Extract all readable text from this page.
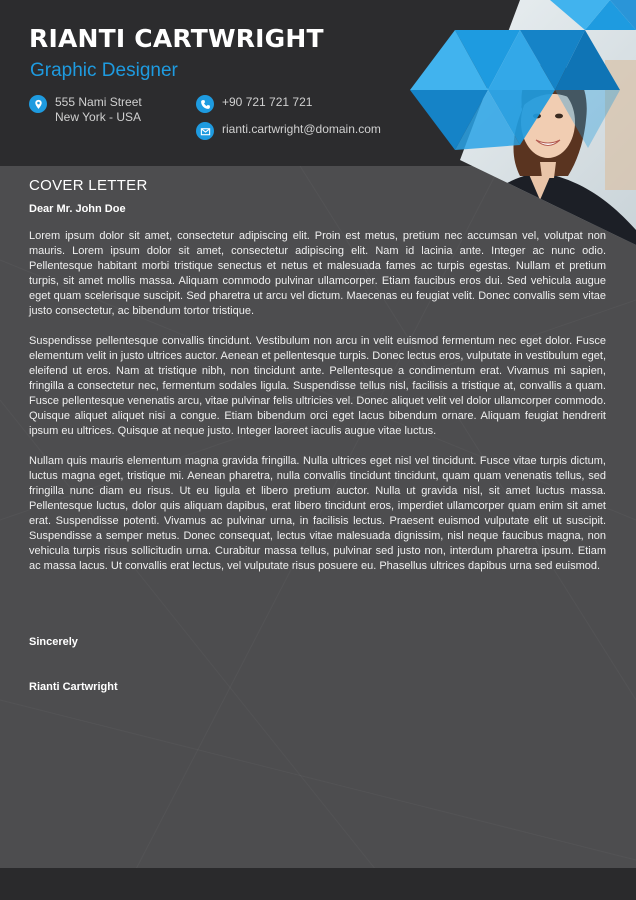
RIANTI CARTWRIGHT
Graphic Designer
555 Nami Street
New York - USA
+90 721 721 721
rianti.cartwright@domain.com
COVER LETTER

Dear Mr. John Doe

Lorem ipsum dolor sit amet, consectetur adipiscing elit. Proin est metus, pretium nec accumsan vel, volutpat non mauris. Lorem ipsum dolor sit amet, consectetur adipiscing elit. Nam id lacinia ante. Integer ac nunc odio. Pellentesque habitant morbi tristique senectus et netus et malesuada fames ac turpis egestas. Nullam et pretium turpis, sit amet mollis massa. Aliquam commodo pulvinar ullamcorper. Etiam faucibus eros dui. Sed vehicula augue eget quam scelerisque suscipit. Sed pharetra ut arcu vel dictum. Maecenas eu feugiat velit. Donec convallis sem vitae justo consectetur, ac bibendum tortor tristique.

Suspendisse pellentesque convallis tincidunt. Vestibulum non arcu in velit euismod fermentum nec eget dolor. Fusce elementum velit in justo ultrices auctor. Aenean et pellentesque turpis. Donec lectus eros, vulputate in vestibulum eget, eleifend ut eros. Nam at tristique nibh, non tincidunt ante. Pellentesque a condimentum erat. Vivamus mi sapien, fringilla a consectetur nec, fermentum sodales ligula. Suspendisse tellus nisl, facilisis a tristique at, convallis a quam. Fusce pellentesque venenatis arcu, vitae pulvinar felis ultricies vel. Donec aliquet velit vel dolor ullamcorper commodo. Quisque aliquet aliquet nisi a congue. Etiam bibendum orci eget lacus bibendum ornare. Aliquam feugiat hendrerit ipsum eu ultrices. Quisque at neque justo. Integer laoreet iaculis augue vitae luctus.

Nullam quis mauris elementum magna gravida fringilla. Nulla ultrices eget nisl vel tincidunt. Fusce vitae turpis dictum, luctus magna eget, tristique mi. Aenean pharetra, nulla convallis tincidunt tincidunt, quam quam venenatis tellus, sed fringilla nunc diam eu risus. Ut eu ligula et libero pretium auctor. Nulla ut gravida nisl, sit amet luctus massa. Pellentesque luctus, dolor quis aliquam dapibus, erat libero tincidunt eros, imperdiet ullamcorper quam enim sit amet erat. Suspendisse potenti. Vivamus ac pulvinar urna, in facilisis lectus. Praesent euismod vulputate elit ut suscipit. Suspendisse a semper metus. Donec consequat, lectus vitae malesuada dignissim, nisl neque faucibus magna, non vehicula turpis risus sollicitudin urna. Curabitur massa tellus, pulvinar sed justo non, interdum pharetra ipsum. Etiam ac massa lacus. Ut convallis erat lectus, vel vulputate risus posuere eu. Phasellus ultrices dapibus urna sed euismod.

Sincerely

Rianti Cartwright
